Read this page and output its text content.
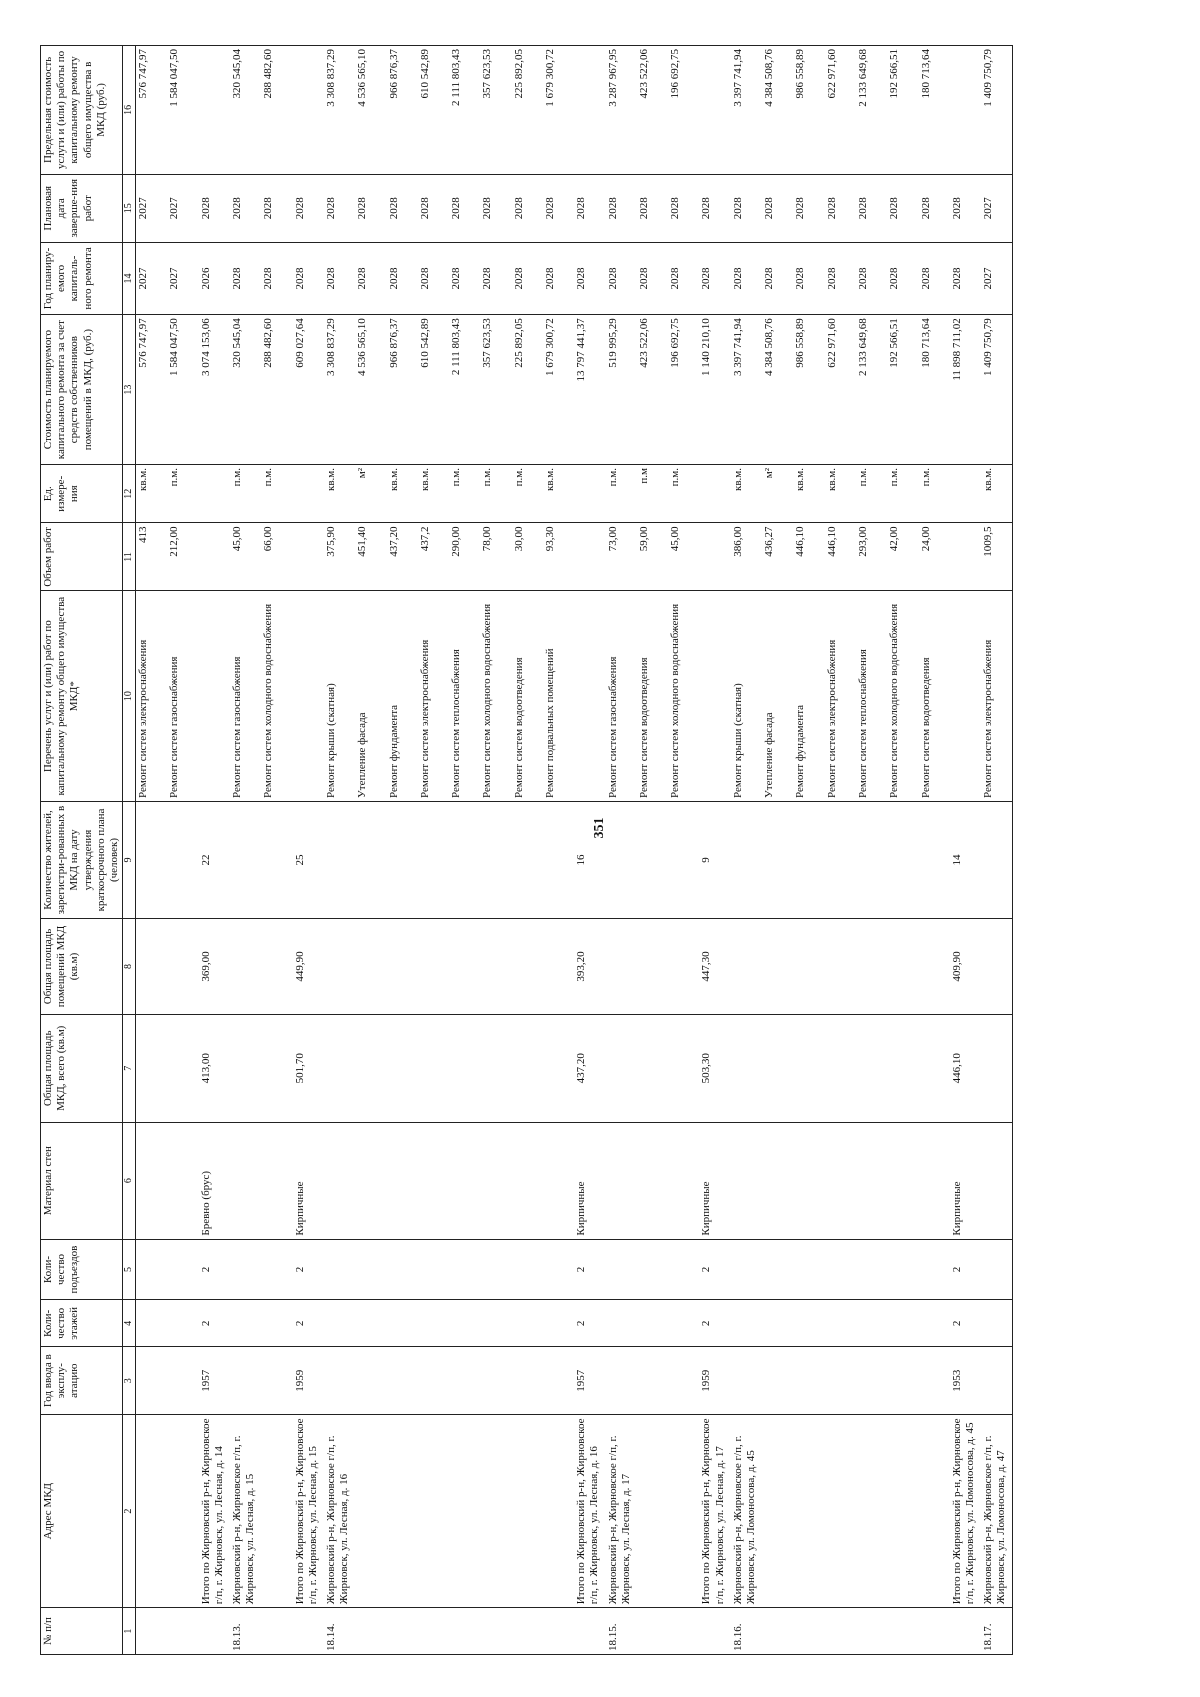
351
№ п/п	Адрес МКД	Год ввода в эксплу-атацию	Коли-чество этажей	Коли-чество подъездов	Материал стен	Общая площадь МКД, всего (кв.м)	Общая площадь помещений МКД (кв.м)	Количество жителей, зарегистри-рованных в МКД на дату утверждения краткосрочного плана (человек)	Перечень услуг и (или) работ по капитальному ремонту общего имущества МКД*	Объем работ	Ед. измере-ния	Стоимость планируемого капитального ремонта за счет средств собственников помещений в МКД, (руб.)	Год планиру-емого капиталь-ного ремонта	Плановая дата заверше-ния работ	Предельная стоимость услуги и (или) работы по капитальному ремонту общего имущества в МКД (руб.)
1	2	3	4	5	6	7	8	9	10	11	12	13	14	15	16
									Ремонт систем электроснабжения	413	кв.м.	576 747,97	2027	2027	576 747,97
									Ремонт систем газоснабжения	212,00	п.м.	1 584 047,50	2027	2027	1 584 047,50
	Итого по Жирновский р-н, Жирновское г/п, г. Жирновск, ул. Лесная, д. 14	1957	2	2	Бревно (брус)	413,00	369,00	22				3 074 153,06	2026	2028	
18.13.	Жирновский р-н, Жирновское г/п, г. Жирновск, ул. Лесная, д. 15								Ремонт систем газоснабжения	45,00	п.м.	320 545,04	2028	2028	320 545,04
									Ремонт систем холодного водоснабжения	66,00	п.м.	288 482,60	2028	2028	288 482,60
	Итого по Жирновский р-н, Жирновское г/п, г. Жирновск, ул. Лесная, д. 15	1959	2	2	Кирпичные	501,70	449,90	25				609 027,64	2028	2028	
18.14.	Жирновский р-н, Жирновское г/п, г. Жирновск, ул. Лесная, д. 16								Ремонт крыши (скатная)	375,90	кв.м.	3 308 837,29	2028	2028	3 308 837,29
									Утепление фасада	451,40	м²	4 536 565,10	2028	2028	4 536 565,10
									Ремонт фундамента	437,20	кв.м.	966 876,37	2028	2028	966 876,37
									Ремонт систем электроснабжения	437,2	кв.м.	610 542,89	2028	2028	610 542,89
									Ремонт систем теплоснабжения	290,00	п.м.	2 111 803,43	2028	2028	2 111 803,43
									Ремонт систем холодного водоснабжения	78,00	п.м.	357 623,53	2028	2028	357 623,53
									Ремонт систем водоотведения	30,00	п.м.	225 892,05	2028	2028	225 892,05
									Ремонт подвальных помещений	93,30	кв.м.	1 679 300,72	2028	2028	1 679 300,72
	Итого по Жирновский р-н, Жирновское г/п, г. Жирновск, ул. Лесная, д. 16	1957	2	2	Кирпичные	437,20	393,20	16				13 797 441,37	2028	2028	
18.15.	Жирновский р-н, Жирновское г/п, г. Жирновск, ул. Лесная, д. 17								Ремонт систем газоснабжения	73,00	п.м.	519 995,29	2028	2028	3 287 967,95
									Ремонт систем водоотведения	59,00	п.м	423 522,06	2028	2028	423 522,06
									Ремонт систем холодного водоснабжения	45,00	п.м.	196 692,75	2028	2028	196 692,75
	Итого по Жирновский р-н, Жирновское г/п, г. Жирновск, ул. Лесная, д. 17	1959	2	2	Кирпичные	503,30	447,30	9				1 140 210,10	2028	2028	
18.16.	Жирновский р-н, Жирновское г/п, г. Жирновск, ул. Ломоносова, д. 45								Ремонт крыши (скатная)	386,00	кв.м.	3 397 741,94	2028	2028	3 397 741,94
									Утепление фасада	436,27	м²	4 384 508,76	2028	2028	4 384 508,76
									Ремонт фундамента	446,10	кв.м.	986 558,89	2028	2028	986 558,89
									Ремонт систем электроснабжения	446,10	кв.м.	622 971,60	2028	2028	622 971,60
									Ремонт систем теплоснабжения	293,00	п.м.	2 133 649,68	2028	2028	2 133 649,68
									Ремонт систем холодного водоснабжения	42,00	п.м.	192 566,51	2028	2028	192 566,51
									Ремонт систем водоотведения	24,00	п.м.	180 713,64	2028	2028	180 713,64
	Итого по Жирновский р-н, Жирновское г/п, г. Жирновск, ул. Ломоносова, д. 45	1953	2	2	Кирпичные	446,10	409,90	14				11 898 711,02	2028	2028	
18.17.	Жирновский р-н, Жирновское г/п, г. Жирновск, ул. Ломоносова, д. 47								Ремонт систем электроснабжения	1009,5	кв.м.	1 409 750,79	2027	2027	1 409 750,79
